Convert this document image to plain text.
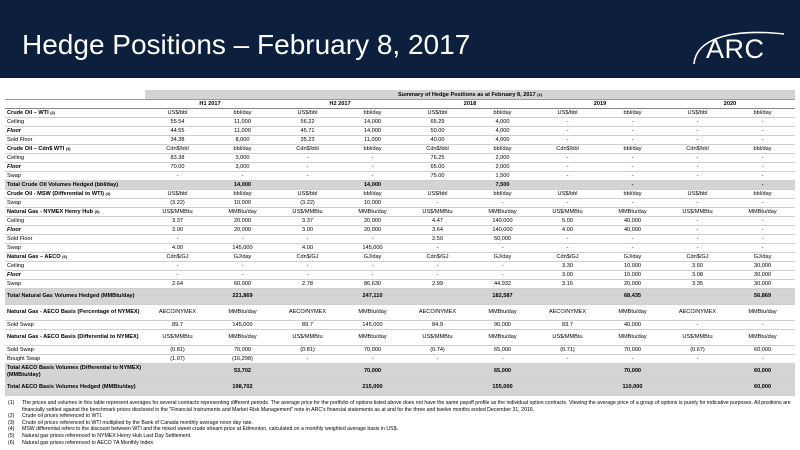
Hedge Positions – February 8, 2017	ARC
	Summary of Hedge Positions as at February 8, 2017 $^{(1)}$
	H1 2017		H2 2017		2018		2019		2020	
Crude Oil – WTI $^{(2)}$	US$/bbl	bbl/day	US$/bbl	bbl/day	US$/bbl	bbl/day	US$/bbl	bbl/day	US$/bbl	bbl/day
Ceiling	55.54	11,000	56.22	14,000	65.29	4,000	-	-	-	-
Floor	44.55	11,000	45.71	14,000	50.00	4,000	-	-	-	-
Sold Floor	34.38	8,000	35.23	11,000	40.00	4,000	-	-	-	-
Crude Oil – Cdn$ WTI $^{(3)}$	Cdn$/bbl	bbl/day	Cdn$/bbl	bbl/day	Cdn$/bbl	bbl/day	Cdn$/bbl	bbl/day	Cdn$/bbl	bbl/day
Ceiling	83.38	3,000	-	-	76.25	2,000	-	-	-	-
Floor	70.00	3,000	-	-	65.00	2,000	-	-	-	-
Swap	-	-	-	-	75.00	1,500	-	-	-	-
Total Crude Oil Volumes Hedged (bbl/day)		14,000		14,000		7,500		-		-
Crude Oil - MSW (Differential to WTI) $^{(4)}$	US$/bbl	bbl/day	US$/bbl	bbl/day	US$/bbl	bbl/day	US$/bbl	bbl/day	US$/bbl	bbl/day
Swap	(3.22)	10,000	(3.22)	10,000	-	-	-	-	-	-
Natural Gas - NYMEX Henry Hub $^{(5)}$	US$/MMBtu	MMBtu/day	US$/MMBtu	MMBtu/day	US$/MMBtu	MMBtu/day	US$/MMBtu	MMBtu/day	US$/MMBtu	MMBtu/day
Ceiling	3.37	20,000	3.37	20,000	4.47	140,000	5.00	40,000	-	-
Floor	3.00	20,000	3.00	20,000	3.64	140,000	4.00	40,000	-	-
Sold Floor	-	-	-	-	2.50	50,000	-	-	-	-
Swap	4.00	145,000	4.00	145,000	-	-	-	-	-	-
Natural Gas – AECO $^{(6)}$	Cdn$/GJ	GJ/day	Cdn$/GJ	GJ/day	Cdn$/GJ	GJ/day	Cdn$/GJ	GJ/day	Cdn$/GJ	GJ/day
Ceiling	-	-	-	-	-	-	3.30	10,000	3.60	30,000
Floor	-	-	-	-	-	-	3.00	10,000	3.08	30,000
Swap	2.64	60,000	2.78	86,630	2.99	44,932	3.16	20,000	3.35	30,000
Total Natural Gas Volumes Hedged (MMBtu/day)		221,869		247,110		182,587		68,435		56,869
Natural Gas - AECO Basis (Percentage of NYMEX)	AECO/NYMEX	MMBtu/day	AECO/NYMEX	MMBtu/day	AECO/NYMEX	MMBtu/day	AECO/NYMEX	MMBtu/day	AECO/NYMEX	MMBtu/day
Sold Swap	89.7	145,000	89.7	145,000	84.9	90,000	83.7	40,000	-	-
Natural Gas - AECO Basis (Differential to NYMEX)	US$/MMBtu	MMBtu/day	US$/MMBtu	MMBtu/day	US$/MMBtu	MMBtu/day	US$/MMBtu	MMBtu/day	US$/MMBtu	MMBtu/day
Sold Swap	(0.81)	70,000	(0.81)	70,000	(0.74)	65,000	(0.71)	70,000	(0.67)	60,000
Bought Swap	(1.07)	(16,298)	-	-	-	-	-	-	-	-
Total AECO Basis Volumes (Differential to NYMEX) (MMBtu/day)		53,702		70,000		65,000		70,000		60,000
Total AECO Basis Volumes Hedged (MMBtu/day)		198,702		215,000		155,000		110,000		60,000
(1)	The prices and volumes in this table represent averages for several contracts representing different periods. The average price for the portfolio of options listed above does not have the same payoff profile as the individual option contracts. Viewing the average price of a group of options is purely for indicative purposes. All positions are financially settled against the benchmark prices disclosed in the "Financial Instruments and Market Risk Management" note in ARC's financial statements as at and for the three and twelve months ended December 31, 2016.
(2)	Crude oil prices referenced to WTI.
(3)	Crude oil prices referenced to WTI multiplied by the Bank of Canada monthly average noon day rate.
(4)	MSW differential refers to the discount between WTI and the mixed sweet crude stream price at Edmonton, calculated on a monthly weighted average basis in US$.
(5)	Natural gas prices referenced to NYMEX Henry Hub Last Day Settlement.
(6)	Natural gas prices referenced to AECO 7A Monthly Index.
